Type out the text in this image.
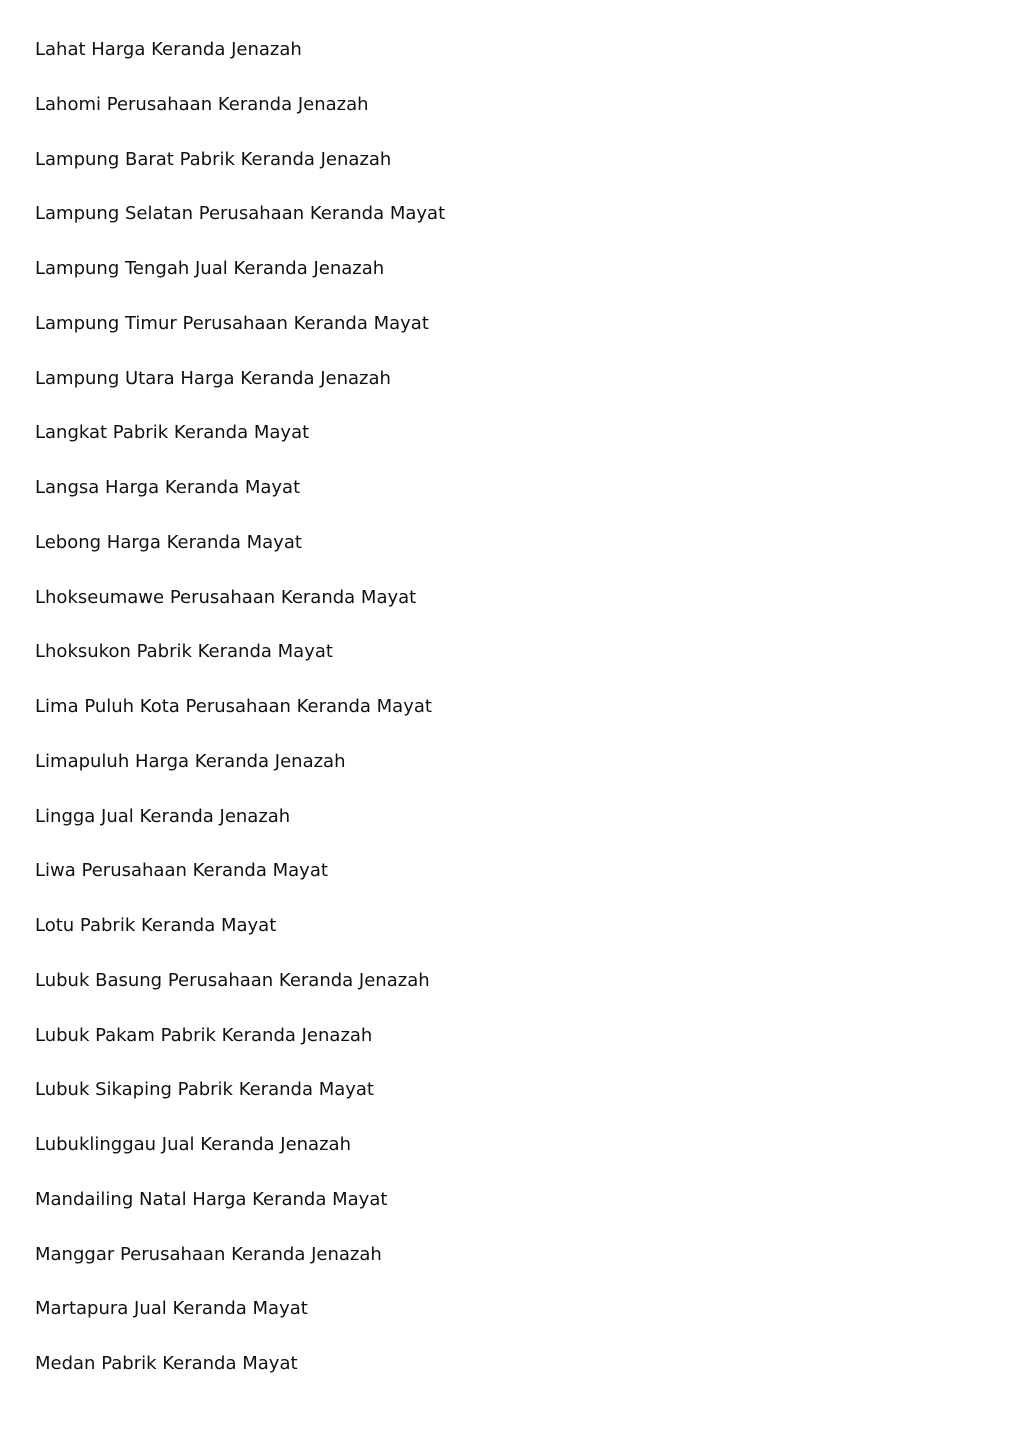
Lahat Harga Keranda Jenazah
Lahomi Perusahaan Keranda Jenazah
Lampung Barat Pabrik Keranda Jenazah
Lampung Selatan Perusahaan Keranda Mayat
Lampung Tengah Jual Keranda Jenazah
Lampung Timur Perusahaan Keranda Mayat
Lampung Utara Harga Keranda Jenazah
Langkat Pabrik Keranda Mayat
Langsa Harga Keranda Mayat
Lebong Harga Keranda Mayat
Lhokseumawe Perusahaan Keranda Mayat
Lhoksukon Pabrik Keranda Mayat
Lima Puluh Kota Perusahaan Keranda Mayat
Limapuluh Harga Keranda Jenazah
Lingga Jual Keranda Jenazah
Liwa Perusahaan Keranda Mayat
Lotu Pabrik Keranda Mayat
Lubuk Basung Perusahaan Keranda Jenazah
Lubuk Pakam Pabrik Keranda Jenazah
Lubuk Sikaping Pabrik Keranda Mayat
Lubuklinggau Jual Keranda Jenazah
Mandailing Natal Harga Keranda Mayat
Manggar Perusahaan Keranda Jenazah
Martapura Jual Keranda Mayat
Medan Pabrik Keranda Mayat
